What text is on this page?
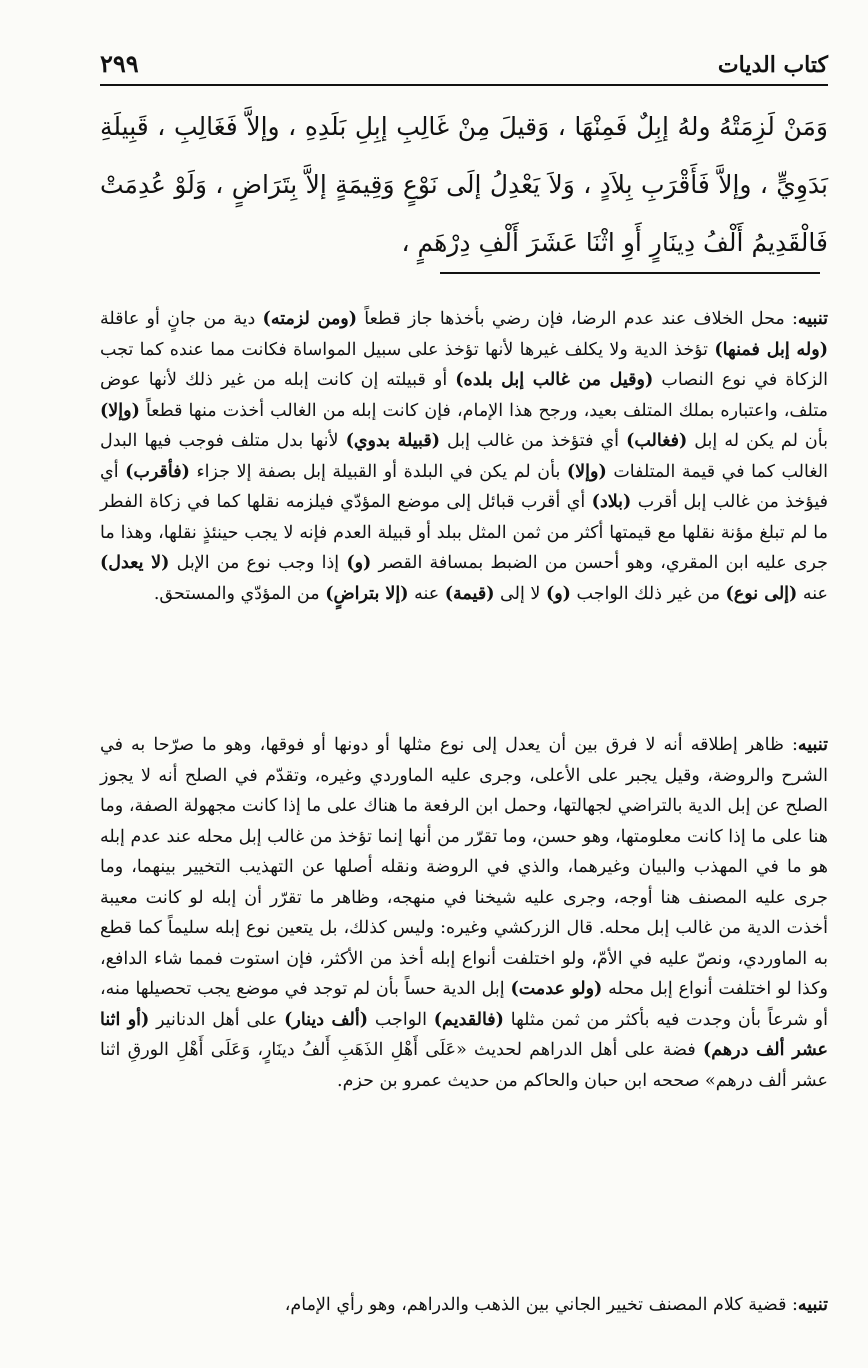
كتاب الديات
٢٩٩
وَمَنْ لَزِمَتْهُ ولهُ إبِلٌ فَمِنْهَا ، وَقيلَ مِنْ غَالِبِ إبِلِ بَلَدِهِ ، وإلاَّ فَغَالِبِ ، قَبِيلَةِ بَدَوِيٍّ ، وإلاَّ فَأَقْرَبِ بِلاَدٍ ، وَلاَ يَعْدِلُ إلَى نَوْعٍ وَقِيمَةٍ إلاَّ بِتَرَاضٍ ، وَلَوْ عُدِمَتْ فَالْقَدِيمُ أَلْفُ دِينَارٍ أَوِ اثْنَا عَشَرَ أَلْفِ دِرْهَمٍ ،

تنبيه: محل الخلاف عند عدم الرضا، فإن رضي بأخذها جاز قطعاً (ومن لزمته) دية من جانٍ أو عاقلة (وله إبل فمنها) تؤخذ الدية ولا يكلف غيرها لأنها تؤخذ على سبيل المواساة فكانت مما عنده كما تجب الزكاة في نوع النصاب (وقيل من غالب إبل بلده) أو قبيلته إن كانت إبله من غير ذلك لأنها عوض متلف، واعتباره بملك المتلف بعيد، ورجح هذا الإمام، فإن كانت إبله من الغالب أخذت منها قطعاً (وإلا) بأن لم يكن له إبل (فغالب) أي فتؤخذ من غالب إبل (قبيلة بدوي) لأنها بدل متلف فوجب فيها البدل الغالب كما في قيمة المتلفات (وإلا) بأن لم يكن في البلدة أو القبيلة إبل بصفة إلا جزاء (فأقرب) أي فيؤخذ من غالب إبل أقرب (بلاد) أي أقرب قبائل إلى موضع المؤدّي فيلزمه نقلها كما في زكاة الفطر ما لم تبلغ مؤنة نقلها مع قيمتها أكثر من ثمن المثل ببلد أو قبيلة العدم فإنه لا يجب حينئذٍ نقلها، وهذا ما جرى عليه ابن المقري، وهو أحسن من الضبط بمسافة القصر (و) إذا وجب نوع من الإبل (لا يعدل) عنه (إلى نوع) من غير ذلك الواجب (و) لا إلى (قيمة) عنه (إلا بتراضٍ) من المؤدّي والمستحق.

تنبيه: ظاهر إطلاقه أنه لا فرق بين أن يعدل إلى نوع مثلها أو دونها أو فوقها، وهو ما صرّحا به في الشرح والروضة، وقيل يجبر على الأعلى، وجرى عليه الماوردي وغيره، وتقدّم في الصلح أنه لا يجوز الصلح عن إبل الدية بالتراضي لجهالتها، وحمل ابن الرفعة ما هناك على ما إذا كانت مجهولة الصفة، وما هنا على ما إذا كانت معلومتها، وهو حسن، وما تقرّر من أنها إنما تؤخذ من غالب إبل محله عند عدم إبله هو ما في المهذب والبيان وغيرهما، والذي في الروضة ونقله أصلها عن التهذيب التخيير بينهما، وما جرى عليه المصنف هنا أوجه، وجرى عليه شيخنا في منهجه، وظاهر ما تقرّر أن إبله لو كانت معيبة أخذت الدية من غالب إبل محله. قال الزركشي وغيره: وليس كذلك، بل يتعين نوع إبله سليماً كما قطع به الماوردي، ونصّ عليه في الأمّ، ولو اختلفت أنواع إبله أخذ من الأكثر، فإن استوت فمما شاء الدافع، وكذا لو اختلفت أنواع إبل محله (ولو عدمت) إبل الدية حساً بأن لم توجد في موضع يجب تحصيلها منه، أو شرعاً بأن وجدت فيه بأكثر من ثمن مثلها (فالقديم) الواجب (ألف دينار) على أهل الدنانير (أو اثنا عشر ألف درهم) فضة على أهل الدراهم لحديث «عَلَى أَهْلِ الذَهَبِ أَلفُ دينَارٍ، وَعَلَى أَهْلِ الورقِ اثنا عشر ألف درهم» صححه ابن حبان والحاكم من حديث عمرو بن حزم.

تنبيه: قضية كلام المصنف تخيير الجاني بين الذهب والدراهم، وهو رأي الإمام،
